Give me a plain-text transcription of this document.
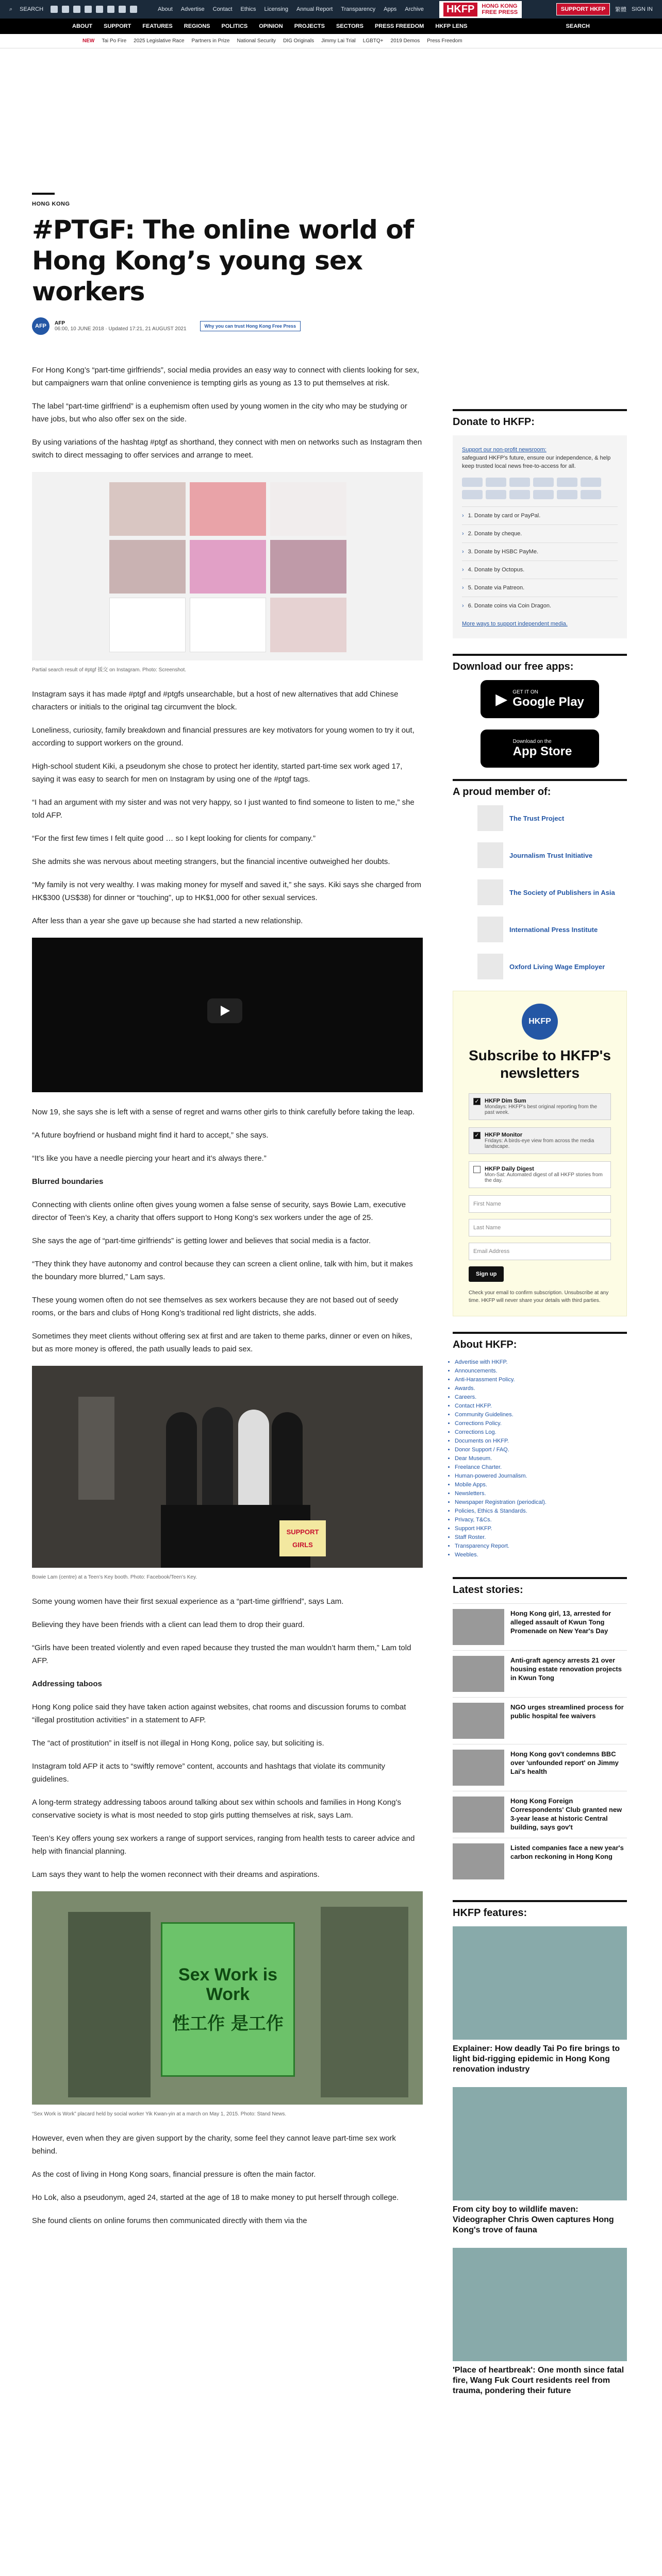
⌕ SEARCH	About Advertise Contact Ethics Licensing Annual Report Transparency Apps Archive	HKFP	HONG KONG
FREE PRESS	SUPPORT HKFP	繁體 SIGN IN
ABOUT SUPPORT FEATURES REGIONS POLITICS OPINION PROJECTS SECTORS PRESS FREEDOM HKFP LENS	SEARCH
NEW Tai Po Fire 2025 Legislative Race Partners in Prize National Security DIG Originals Jimmy Lai Trial LGBTQ+ 2019 Demos Press Freedom
HONG KONG
#PTGF: The online world of Hong Kong’s young sex workers
AFP	AFP
06:00, 10 JUNE 2018 · Updated 17:21, 21 AUGUST 2021	Why you can trust Hong Kong Free Press

For Hong Kong’s “part-time girlfriends”, social media provides an easy way to connect with clients looking for sex, but campaigners warn that online convenience is tempting girls as young as 13 to put themselves at risk.

The label “part-time girlfriend” is a euphemism often used by young women in the city who may be studying or have jobs, but who also offer sex on the side.

By using variations of the hashtag #ptgf as shorthand, they connect with men on networks such as Instagram then switch to direct messaging to offer services and arrange to meet.

Partial search result of #ptgf 援交 on Instagram. Photo: Screenshot.

Instagram says it has made #ptgf and #ptgfs unsearchable, but a host of new alternatives that add Chinese characters or initials to the original tag circumvent the block.

Loneliness, curiosity, family breakdown and financial pressures are key motivators for young women to try it out, according to support workers on the ground.

High-school student Kiki, a pseudonym she chose to protect her identity, started part-time sex work aged 17, saying it was easy to search for men on Instagram by using one of the #ptgf tags.

“I had an argument with my sister and was not very happy, so I just wanted to find someone to listen to me,” she told AFP.

“For the first few times I felt quite good … so I kept looking for clients for company.”

She admits she was nervous about meeting strangers, but the financial incentive outweighed her doubts.

“My family is not very wealthy. I was making money for myself and saved it,” she says. Kiki says she charged from HK$300 (US$38) for dinner or “touching”, up to HK$1,000 for other sexual services.

After less than a year she gave up because she had started a new relationship.

Now 19, she says she is left with a sense of regret and warns other girls to think carefully before taking the leap.

“A future boyfriend or husband might find it hard to accept,” she says.

“It’s like you have a needle piercing your heart and it’s always there.”

Blurred boundaries

Connecting with clients online often gives young women a false sense of security, says Bowie Lam, executive director of Teen’s Key, a charity that offers support to Hong Kong’s sex workers under the age of 25.

She says the age of “part-time girlfriends” is getting lower and believes that social media is a factor.

“They think they have autonomy and control because they can screen a client online, talk with him, but it makes the boundary more blurred,” Lam says.

These young women often do not see themselves as sex workers because they are not based out of seedy rooms, or the bars and clubs of Hong Kong’s traditional red light districts, she adds.

Sometimes they meet clients without offering sex at first and are taken to theme parks, dinner or even on hikes, but as more money is offered, the path usually leads to paid sex.

SUPPORT GIRLS
Bowie Lam (centre) at a Teen’s Key booth. Photo: Facebook/Teen’s Key.

Some young women have their first sexual experience as a “part-time girlfriend”, says Lam.

Believing they have been friends with a client can lead them to drop their guard.

“Girls have been treated violently and even raped because they trusted the man wouldn’t harm them,” Lam told AFP.

Addressing taboos

Hong Kong police said they have taken action against websites, chat rooms and discussion forums to combat “illegal prostitution activities” in a statement to AFP.

The “act of prostitution” in itself is not illegal in Hong Kong, police say, but soliciting is.

Instagram told AFP it acts to “swiftly remove” content, accounts and hashtags that violate its community guidelines.

A long-term strategy addressing taboos around talking about sex within schools and families in Hong Kong’s conservative society is what is most needed to stop girls putting themselves at risk, says Lam.

Teen’s Key offers young sex workers a range of support services, ranging from health tests to career advice and help with financial planning.

Lam says they want to help the women reconnect with their dreams and aspirations.

Sex Work is Work
性工作 是工作
“Sex Work is Work” placard held by social worker Yik Kwan-yin at a march on May 1, 2015. Photo: Stand News.

However, even when they are given support by the charity, some feel they cannot leave part-time sex work behind.

As the cost of living in Hong Kong soars, financial pressure is often the main factor.

Ho Lok, also a pseudonym, aged 24, started at the age of 18 to make money to put herself through college.

She found clients on online forums then communicated directly with them via the

Donate to HKFP:
Support our non-profit newsroom:
safeguard HKFP's future, ensure our independence, & help keep trusted local news free-to-access for all.
› 1. Donate by card or PayPal.
› 2. Donate by cheque.
› 3. Donate by HSBC PayMe.
› 4. Donate by Octopus.
› 5. Donate via Patreon.
› 6. Donate coins via Coin Dragon.
More ways to support independent media.
Download our free apps:
▶ GET IT ON
Google Play
Download on the
App Store
A proud member of:
The Trust Project
Journalism Trust Initiative
The Society of Publishers in Asia
International Press Institute
Oxford Living Wage Employer
HKFP
Subscribe to HKFP's newsletters
✓ HKFP Dim Sum
Mondays: HKFP's best original reporting from the past week.
✓ HKFP Monitor
Fridays: A birds-eye view from across the media landscape.
HKFP Daily Digest
Mon-Sat: Automated digest of all HKFP stories from the day.
First Name
Last Name
Email Address
Sign up
Check your email to confirm subscription. Unsubscribe at any time. HKFP will never share your details with third parties.
About HKFP:
• Advertise with HKFP.
• Announcements.
• Anti-Harassment Policy.
• Awards.
• Careers.
• Contact HKFP.
• Community Guidelines.
• Corrections Policy.
• Corrections Log.
• Documents on HKFP.
• Donor Support / FAQ.
• Dear Museum.
• Freelance Charter.
• Human-powered Journalism.
• Mobile Apps.
• Newsletters.
• Newspaper Registration (periodical).
• Policies, Ethics & Standards.
• Privacy, T&Cs.
• Support HKFP.
• Staff Roster.
• Transparency Report.
• Weebles.
Latest stories:
Hong Kong girl, 13, arrested for alleged assault of Kwun Tong Promenade on New Year's Day
Anti-graft agency arrests 21 over housing estate renovation projects in Kwun Tong
NGO urges streamlined process for public hospital fee waivers
Hong Kong gov't condemns BBC over 'unfounded report' on Jimmy Lai's health
Hong Kong Foreign Correspondents' Club granted new 3-year lease at historic Central building, says gov't
Listed companies face a new year's carbon reckoning in Hong Kong
HKFP features:
Explainer: How deadly Tai Po fire brings to light bid-rigging epidemic in Hong Kong renovation industry
From city boy to wildlife maven: Videographer Chris Owen captures Hong Kong's trove of fauna
'Place of heartbreak': One month since fatal fire, Wang Fuk Court residents reel from trauma, pondering their future
